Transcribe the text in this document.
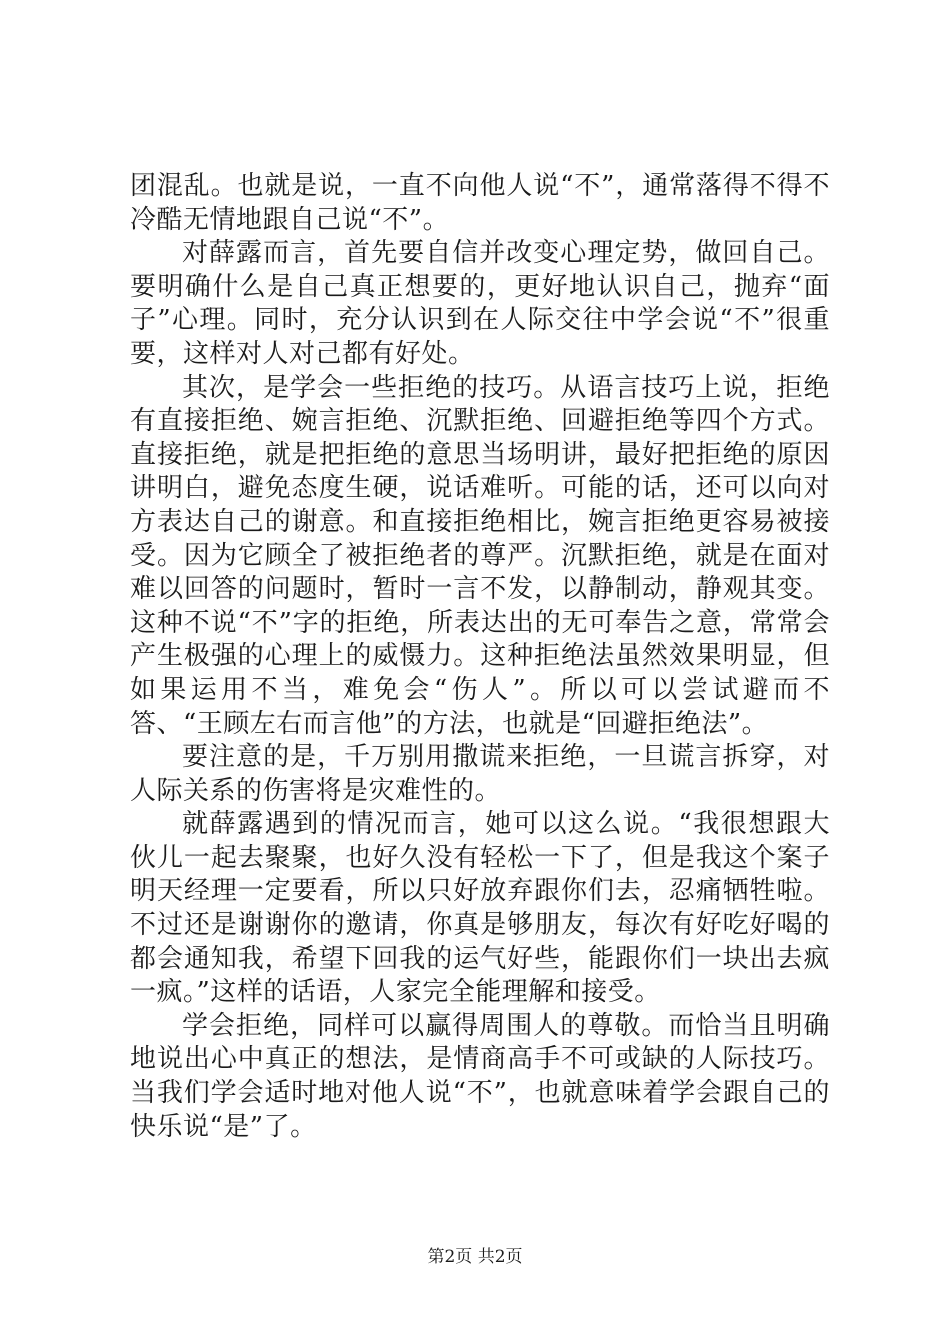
团混乱。也就是说，一直不向他人说“不”，通常落得不得不冷酷无情地跟自己说“不”。

对薛露而言，首先要自信并改变心理定势，做回自己。要明确什么是自己真正想要的，更好地认识自己，抛弃“面子”心理。同时，充分认识到在人际交往中学会说“不”很重要，这样对人对己都有好处。

其次，是学会一些拒绝的技巧。从语言技巧上说，拒绝有直接拒绝、婉言拒绝、沉默拒绝、回避拒绝等四个方式。直接拒绝，就是把拒绝的意思当场明讲，最好把拒绝的原因讲明白，避免态度生硬，说话难听。可能的话，还可以向对方表达自己的谢意。和直接拒绝相比，婉言拒绝更容易被接受。因为它顾全了被拒绝者的尊严。沉默拒绝，就是在面对难以回答的问题时，暂时一言不发，以静制动，静观其变。这种不说“不”字的拒绝，所表达出的无可奉告之意，常常会产生极强的心理上的威慑力。这种拒绝法虽然效果明显，但如果运用不当，难免会“伤人”。所以可以尝试避而不答、“王顾左右而言他”的方法，也就是“回避拒绝法”。

要注意的是，千万别用撒谎来拒绝，一旦谎言拆穿，对人际关系的伤害将是灾难性的。

就薛露遇到的情况而言，她可以这么说。“我很想跟大伙儿一起去聚聚，也好久没有轻松一下了，但是我这个案子明天经理一定要看，所以只好放弃跟你们去，忍痛牺牲啦。不过还是谢谢你的邀请，你真是够朋友，每次有好吃好喝的都会通知我，希望下回我的运气好些，能跟你们一块出去疯一疯。”这样的话语，人家完全能理解和接受。

学会拒绝，同样可以赢得周围人的尊敬。而恰当且明确地说出心中真正的想法，是情商高手不可或缺的人际技巧。当我们学会适时地对他人说“不”，也就意味着学会跟自己的快乐说“是”了。

第2页 共2页
